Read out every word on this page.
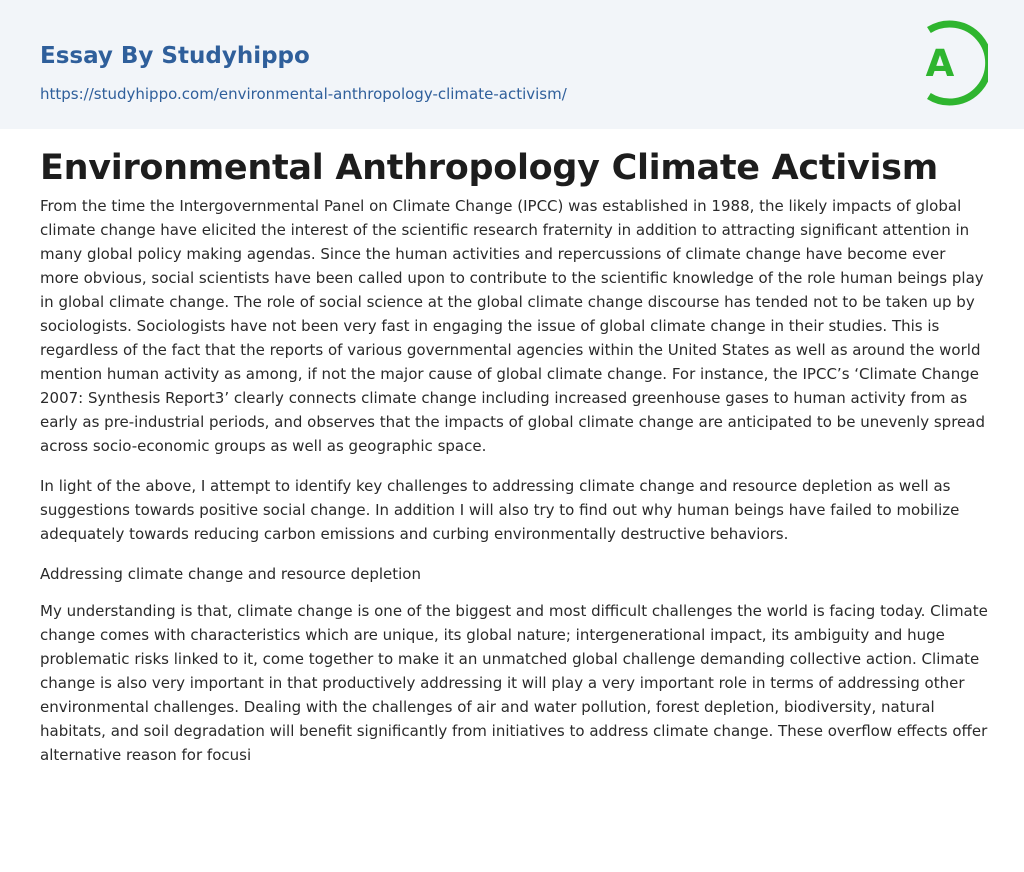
Essay By Studyhippo
https://studyhippo.com/environmental-anthropology-climate-activism/
A
Environmental Anthropology Climate Activism

From the time the Intergovernmental Panel on Climate Change (IPCC) was established in 1988, the likely impacts of global climate change have elicited the interest of the scientific research fraternity in addition to attracting significant attention in many global policy making agendas. Since the human activities and repercussions of climate change have become ever more obvious, social scientists have been called upon to contribute to the scientific knowledge of the role human beings play in global climate change. The role of social science at the global climate change discourse has tended not to be taken up by sociologists. Sociologists have not been very fast in engaging the issue of global climate change in their studies. This is regardless of the fact that the reports of various governmental agencies within the United States as well as around the world mention human activity as among, if not the major cause of global climate change. For instance, the IPCC’s ‘Climate Change 2007: Synthesis Report3’ clearly connects climate change including increased greenhouse gases to human activity from as early as pre-industrial periods, and observes that the impacts of global climate change are anticipated to be unevenly spread across socio-economic groups as well as geographic space.

In light of the above, I attempt to identify key challenges to addressing climate change and resource depletion as well as suggestions towards positive social change. In addition I will also try to find out why human beings have failed to mobilize adequately towards reducing carbon emissions and curbing environmentally destructive behaviors.

Addressing climate change and resource depletion

My understanding is that, climate change is one of the biggest and most difficult challenges the world is facing today. Climate change comes with characteristics which are unique, its global nature; intergenerational impact, its ambiguity and huge problematic risks linked to it, come together to make it an unmatched global challenge demanding collective action. Climate change is also very important in that productively addressing it will play a very important role in terms of addressing other environmental challenges. Dealing with the challenges of air and water pollution, forest depletion, biodiversity, natural habitats, and soil degradation will benefit significantly from initiatives to address climate change. These overflow effects offer alternative reason for focusi
